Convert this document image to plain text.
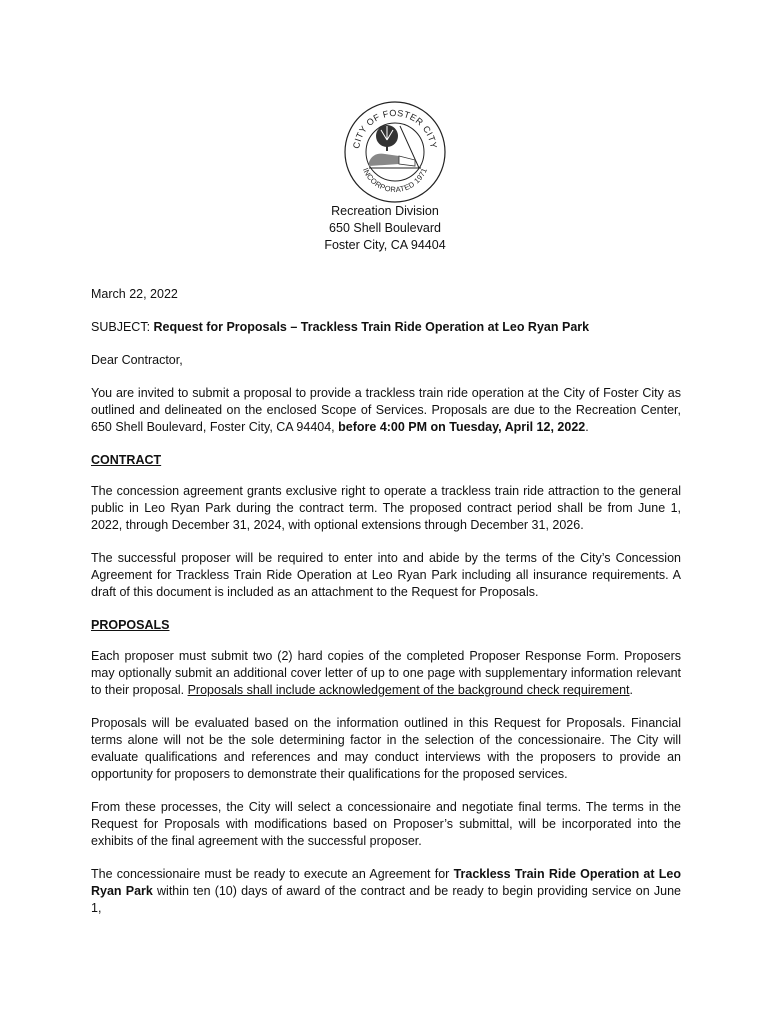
CITY OF FOSTER CITY
INCORPORATED 1971
Recreation Division
650 Shell Boulevard
Foster City, CA 94404

March 22, 2022

SUBJECT: Request for Proposals – Trackless Train Ride Operation at Leo Ryan Park

Dear Contractor,

You are invited to submit a proposal to provide a trackless train ride operation at the City of Foster City as outlined and delineated on the enclosed Scope of Services. Proposals are due to the Recreation Center, 650 Shell Boulevard, Foster City, CA 94404, before 4:00 PM on Tuesday, April 12, 2022.

CONTRACT

The concession agreement grants exclusive right to operate a trackless train ride attraction to the general public in Leo Ryan Park during the contract term. The proposed contract period shall be from June 1, 2022, through December 31, 2024, with optional extensions through December 31, 2026.

The successful proposer will be required to enter into and abide by the terms of the City’s Concession Agreement for Trackless Train Ride Operation at Leo Ryan Park including all insurance requirements. A draft of this document is included as an attachment to the Request for Proposals.

PROPOSALS

Each proposer must submit two (2) hard copies of the completed Proposer Response Form. Proposers may optionally submit an additional cover letter of up to one page with supplementary information relevant to their proposal. Proposals shall include acknowledgement of the background check requirement.

Proposals will be evaluated based on the information outlined in this Request for Proposals. Financial terms alone will not be the sole determining factor in the selection of the concessionaire. The City will evaluate qualifications and references and may conduct interviews with the proposers to provide an opportunity for proposers to demonstrate their qualifications for the proposed services.

From these processes, the City will select a concessionaire and negotiate final terms. The terms in the Request for Proposals with modifications based on Proposer’s submittal, will be incorporated into the exhibits of the final agreement with the successful proposer.

The concessionaire must be ready to execute an Agreement for Trackless Train Ride Operation at Leo Ryan Park within ten (10) days of award of the contract and be ready to begin providing service on June 1,
